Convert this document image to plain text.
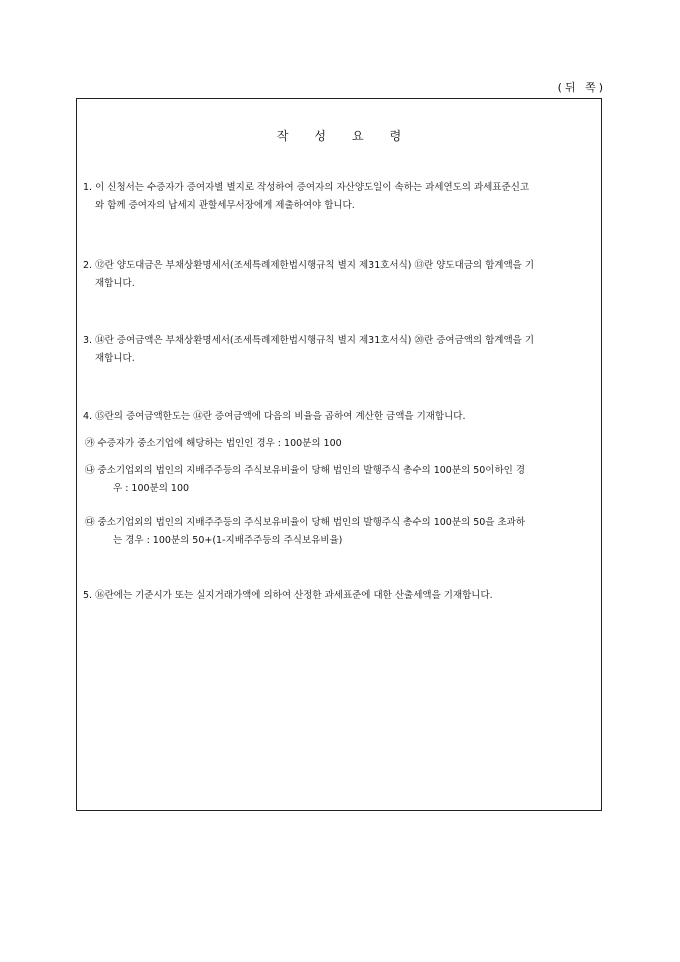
(뒤 쪽)
작성요령
1. 이 신청서는 수증자가 증여자별 별지로 작성하여 증여자의 자산양도일이 속하는 과세연도의 과세표준신고
와 함께 증여자의 납세지 관할세무서장에게 제출하여야 합니다.
2. ⑫란 양도대금은 부채상환명세서(조세특례제한법시행규칙 별지 제31호서식) ⑬란 양도대금의 합계액을 기
재합니다.
3. ⑭란 증여금액은 부채상환명세서(조세특례제한법시행규칙 별지 제31호서식) ⑳란 증여금액의 합계액을 기
재합니다.
4. ⑮란의 증여금액한도는 ⑭란 증여금액에 다음의 비율을 곱하여 계산한 금액을 기재합니다.
㉮ 수증자가 중소기업에 해당하는 법인인 경우 : 100분의 100
㉯ 중소기업외의 법인의 지배주주등의 주식보유비율이 당해 법인의 발행주식 총수의 100분의 50이하인 경
우 : 100분의 100
㉰ 중소기업외의 법인의 지배주주등의 주식보유비율이 당해 법인의 발행주식 총수의 100분의 50을 초과하
는 경우 : 100분의 50+(1-지배주주등의 주식보유비율)
5. ⑯란에는 기준시가 또는 실지거래가액에 의하여 산정한 과세표준에 대한 산출세액을 기재합니다.
